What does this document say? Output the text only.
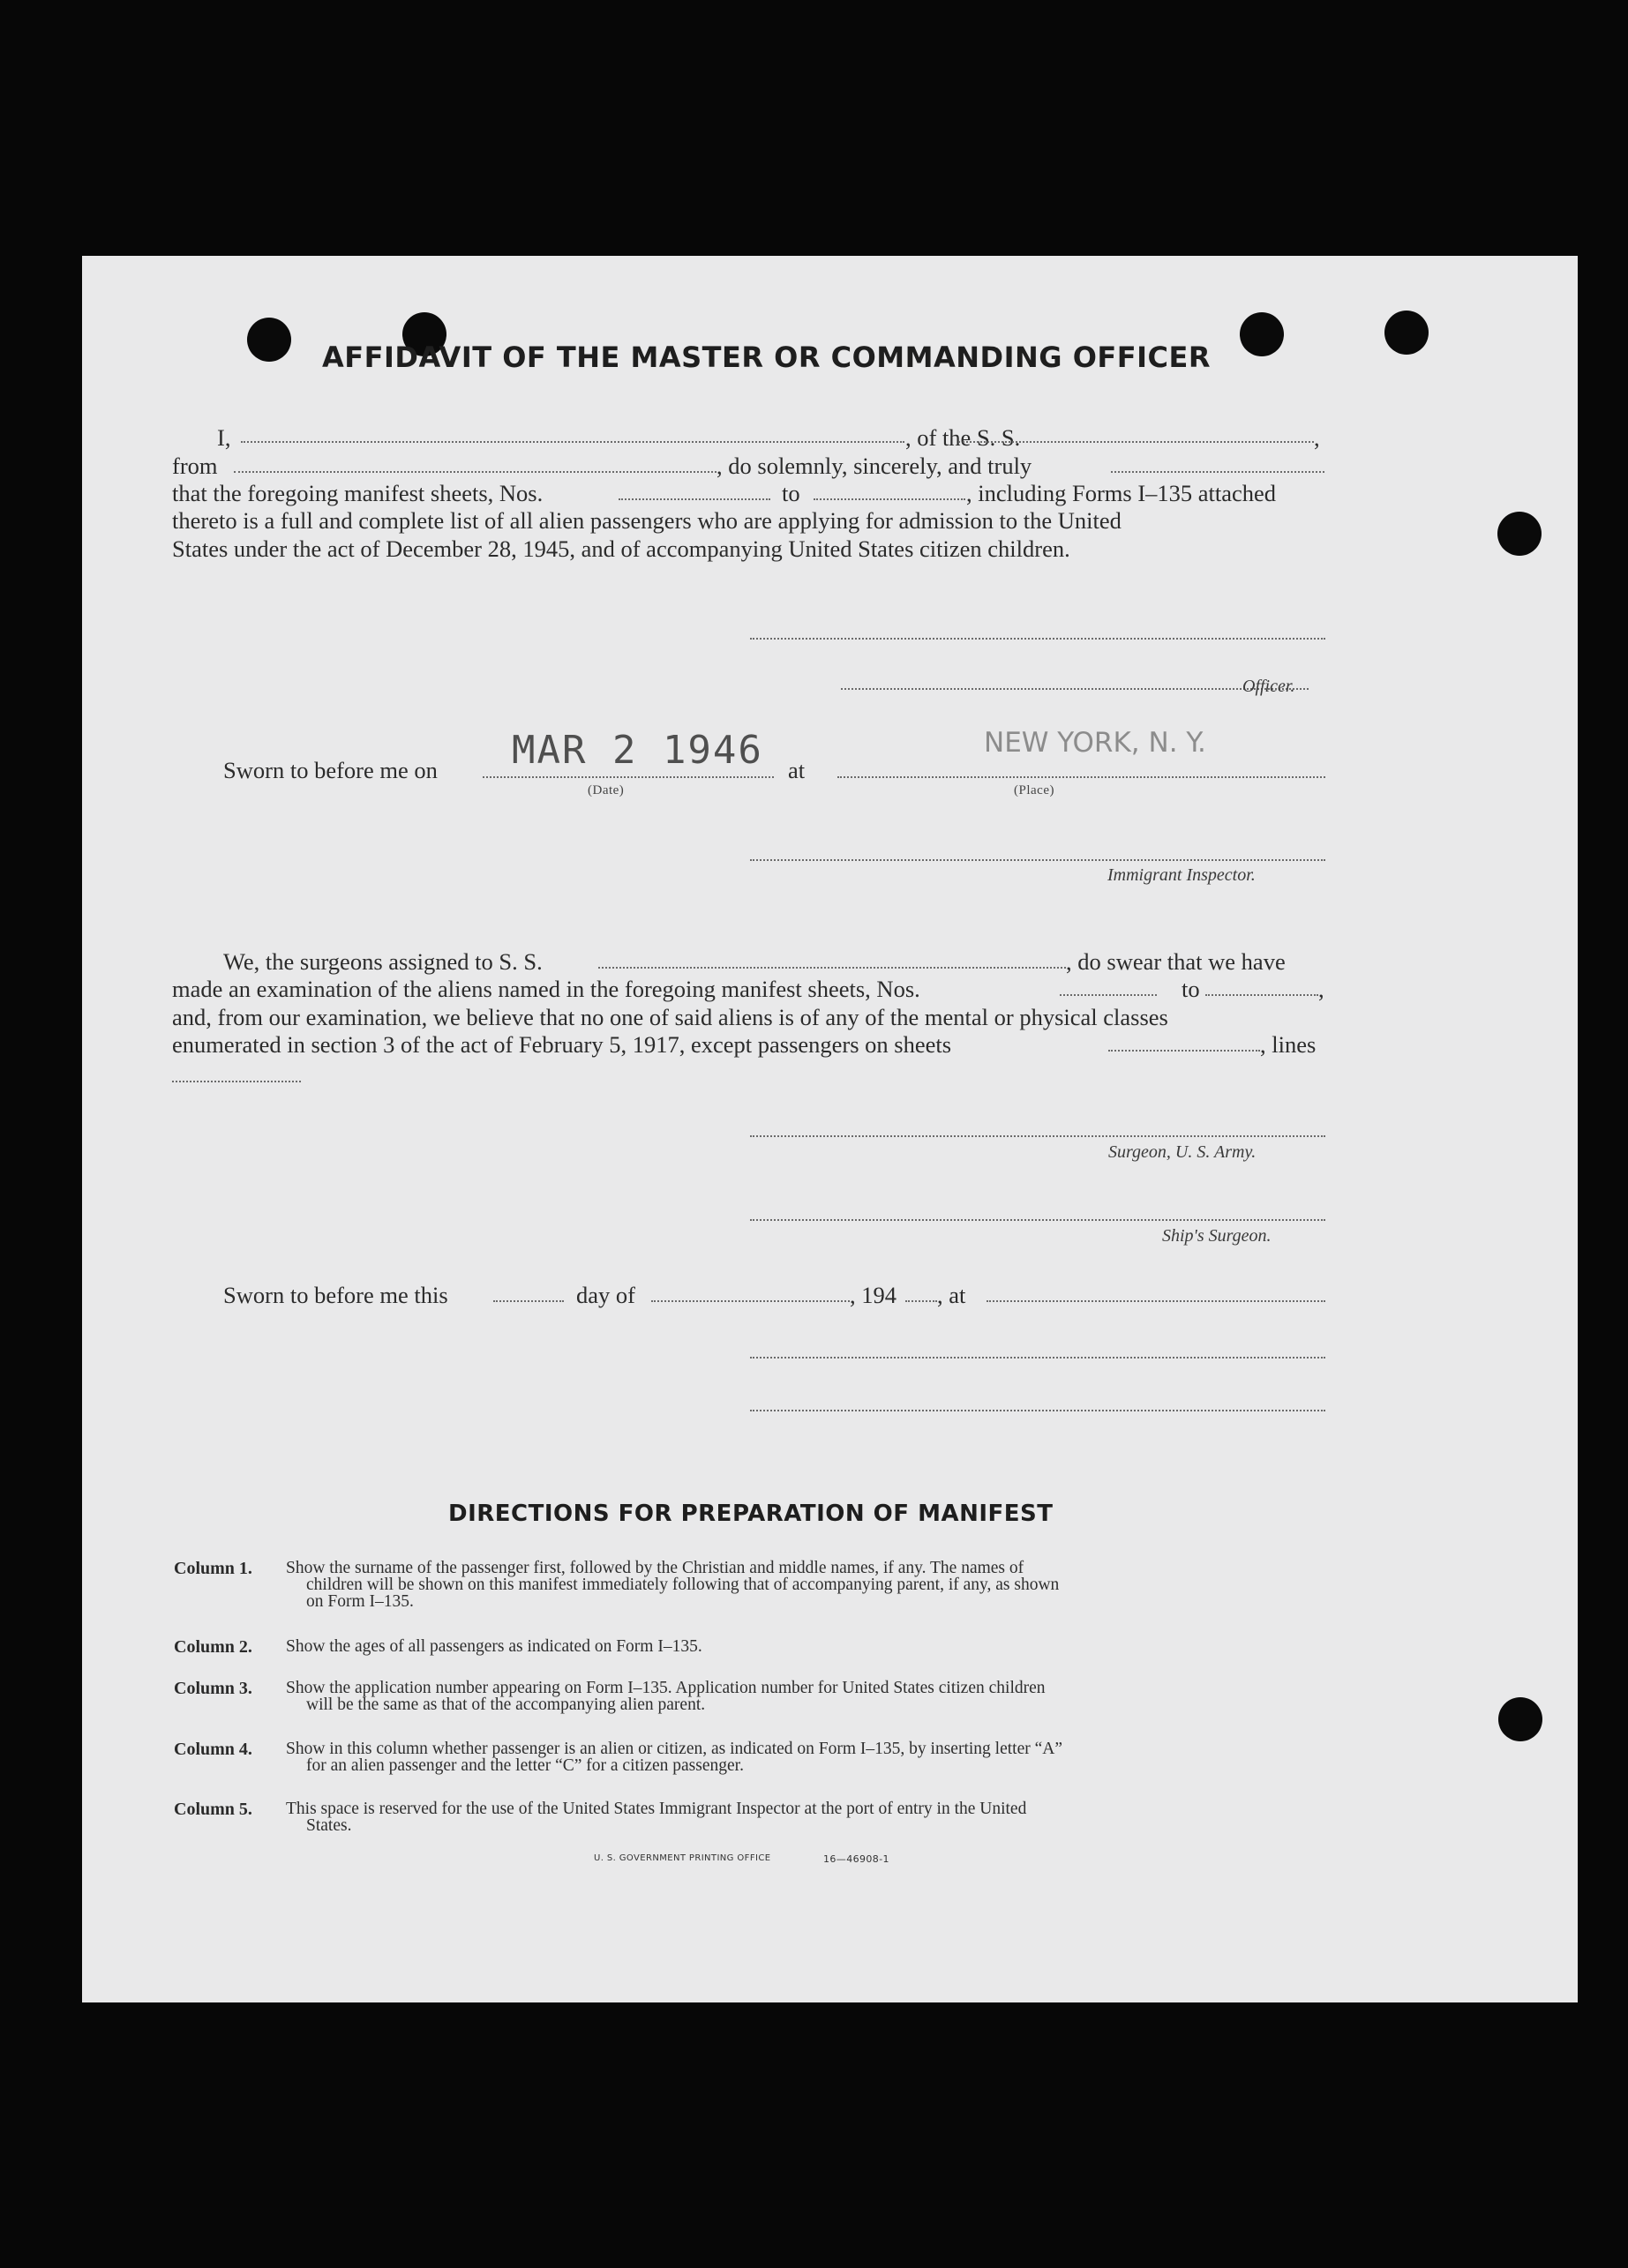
AFFIDAVIT OF THE MASTER OR COMMANDING OFFICER
I,	, of the S. S.	,
from	, do solemnly, sincerely, and truly
that the foregoing manifest sheets, Nos.	to	, including Forms I–135 attached
thereto is a full and complete list of all alien passengers who are applying for admission to the United
States under the act of December 28, 1945, and of accompanying United States citizen children.
Officer.
Sworn to before me on MAR 2 1946 at
NEW YORK, N. Y.
(Date)	(Place)
Immigrant Inspector.
We, the surgeons assigned to S. S.	, do swear that we have
made an examination of the aliens named in the foregoing manifest sheets, Nos.	to	,
and, from our examination, we believe that no one of said aliens is of any of the mental or physical classes
enumerated in section 3 of the act of February 5, 1917, except passengers on sheets	, lines
Surgeon, U. S. Army.
Ship's Surgeon.
Sworn to before me this	day of	, 194 , at
DIRECTIONS FOR PREPARATION OF MANIFEST
Column 1. Show the surname of the passenger first, followed by the Christian and middle names, if any. The names of
children will be shown on this manifest immediately following that of accompanying parent, if any, as shown
on Form I–135.
Column 2. Show the ages of all passengers as indicated on Form I–135.
Column 3. Show the application number appearing on Form I–135. Application number for United States citizen children
will be the same as that of the accompanying alien parent.
Column 4. Show in this column whether passenger is an alien or citizen, as indicated on Form I–135, by inserting letter “A”
for an alien passenger and the letter “C” for a citizen passenger.
Column 5. This space is reserved for the use of the United States Immigrant Inspector at the port of entry in the United
States.
U. S. GOVERNMENT PRINTING OFFICE	16—46908-1
